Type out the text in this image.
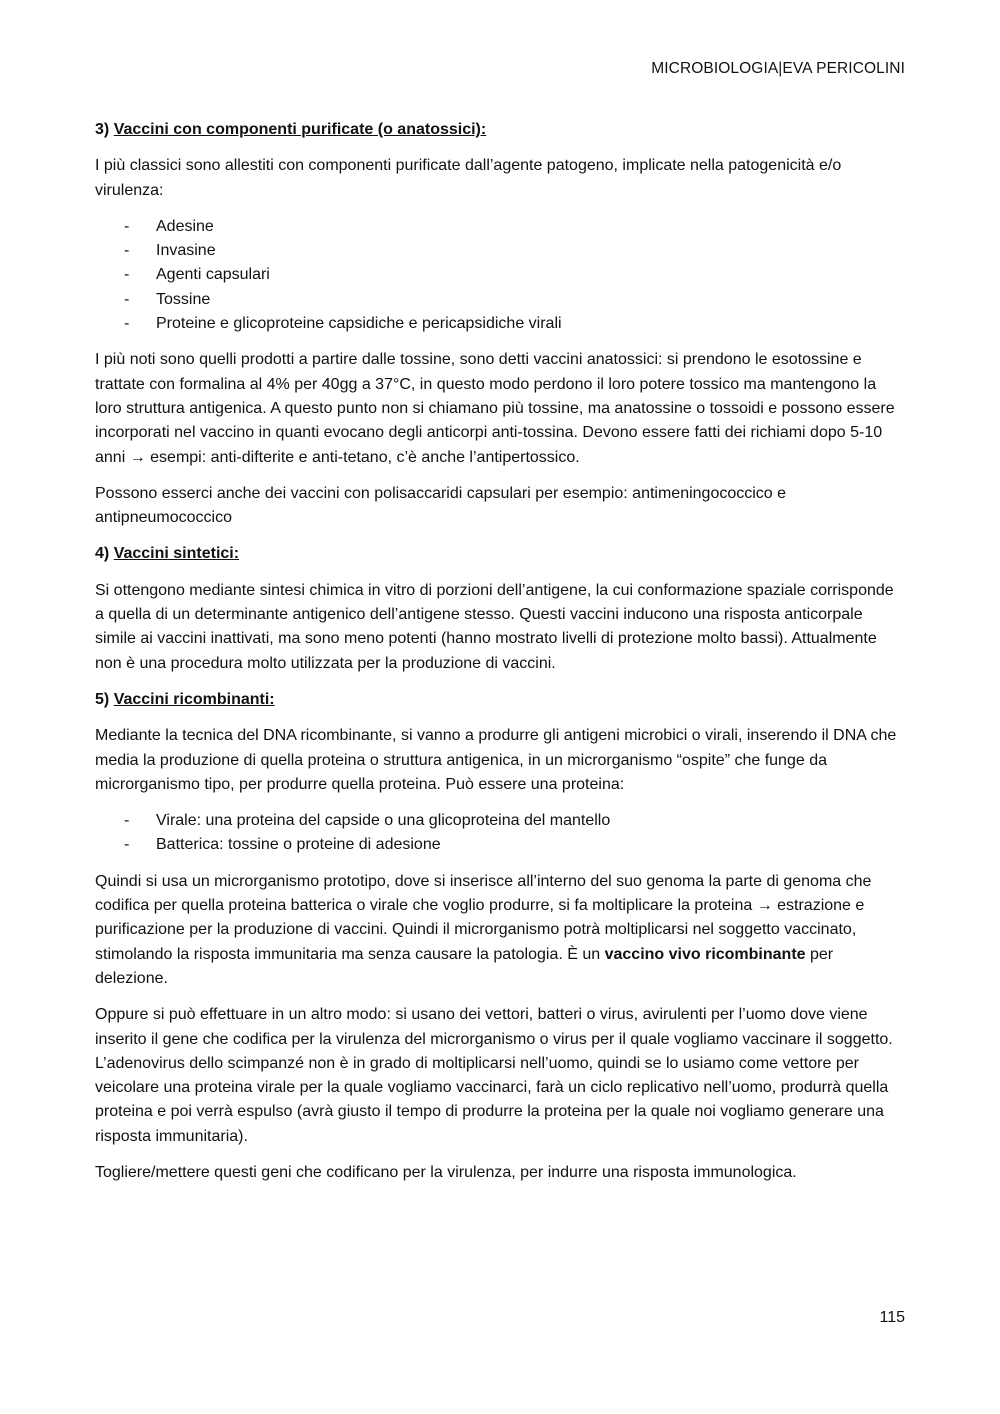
MICROBIOLOGIA|EVA PERICOLINI
3) Vaccini con componenti purificate (o anatossici):

I più classici sono allestiti con componenti purificate dall’agente patogeno, implicate nella patogenicità e/o virulenza:

- Adesine
- Invasine
- Agenti capsulari
- Tossine
- Proteine e glicoproteine capsidiche e pericapsidiche virali

I più noti sono quelli prodotti a partire dalle tossine, sono detti vaccini anatossici: si prendono le esotossine e trattate con formalina al 4% per 40gg a 37°C, in questo modo perdono il loro potere tossico ma mantengono la loro struttura antigenica. A questo punto non si chiamano più tossine, ma anatossine o tossoidi e possono essere incorporati nel vaccino in quanti evocano degli anticorpi anti-tossina. Devono essere fatti dei richiami dopo 5-10 anni → esempi: anti-difterite e anti-tetano, c’è anche l’antipertossico.

Possono esserci anche dei vaccini con polisaccaridi capsulari per esempio: antimeningococcico e antipneumococcico

4) Vaccini sintetici:

Si ottengono mediante sintesi chimica in vitro di porzioni dell’antigene, la cui conformazione spaziale corrisponde a quella di un determinante antigenico dell’antigene stesso. Questi vaccini inducono una risposta anticorpale simile ai vaccini inattivati, ma sono meno potenti (hanno mostrato livelli di protezione molto bassi). Attualmente non è una procedura molto utilizzata per la produzione di vaccini.

5) Vaccini ricombinanti:

Mediante la tecnica del DNA ricombinante, si vanno a produrre gli antigeni microbici o virali, inserendo il DNA che media la produzione di quella proteina o struttura antigenica, in un microrganismo “ospite” che funge da microrganismo tipo, per produrre quella proteina. Può essere una proteina:

- Virale: una proteina del capside o una glicoproteina del mantello
- Batterica: tossine o proteine di adesione

Quindi si usa un microrganismo prototipo, dove si inserisce all’interno del suo genoma la parte di genoma che codifica per quella proteina batterica o virale che voglio produrre, si fa moltiplicare la proteina → estrazione e purificazione per la produzione di vaccini. Quindi il microrganismo potrà moltiplicarsi nel soggetto vaccinato, stimolando la risposta immunitaria ma senza causare la patologia. È un vaccino vivo ricombinante per delezione.

Oppure si può effettuare in un altro modo: si usano dei vettori, batteri o virus, avirulenti per l’uomo dove viene inserito il gene che codifica per la virulenza del microrganismo o virus per il quale vogliamo vaccinare il soggetto. L’adenovirus dello scimpanzé non è in grado di moltiplicarsi nell’uomo, quindi se lo usiamo come vettore per veicolare una proteina virale per la quale vogliamo vaccinarci, farà un ciclo replicativo nell’uomo, produrrà quella proteina e poi verrà espulso (avrà giusto il tempo di produrre la proteina per la quale noi vogliamo generare una risposta immunitaria).

Togliere/mettere questi geni che codificano per la virulenza, per indurre una risposta immunologica.

115
